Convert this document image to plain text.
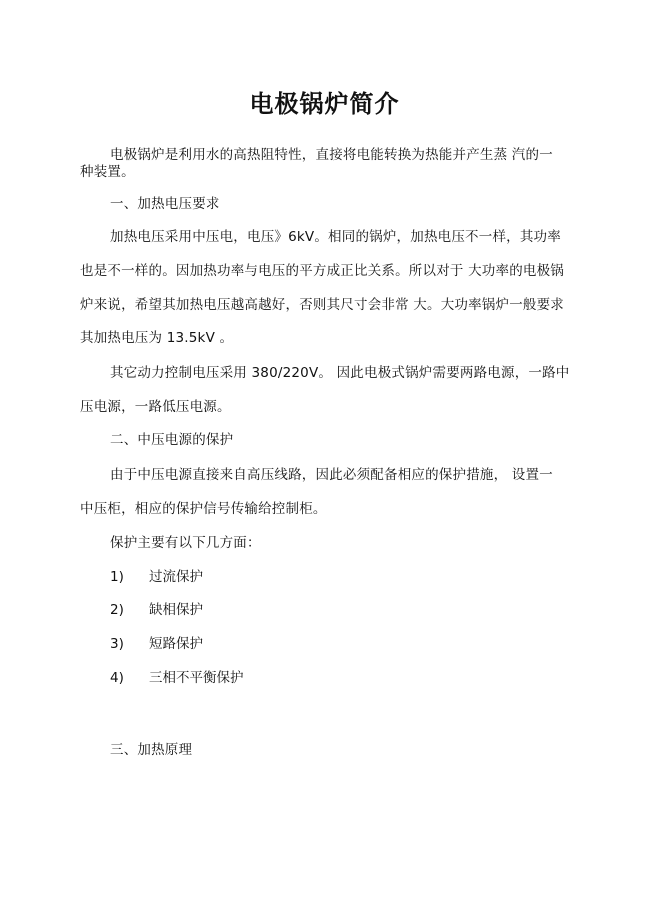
电极锅炉简介
电极锅炉是利用水的高热阻特性，直接将电能转换为热能并产生蒸 汽的一
种装置。
一、加热电压要求
加热电压采用中压电，电压》6kV。相同的锅炉，加热电压不一样，其功率
也是不一样的。因加热功率与电压的平方成正比关系。所以对于 大功率的电极锅
炉来说，希望其加热电压越高越好，否则其尺寸会非常 大。大功率锅炉一般要求
其加热电压为 13.5kV 。
其它动力控制电压采用 380/220V。 因此电极式锅炉需要两路电源，一路中
压电源，一路低压电源。
二、中压电源的保护
由于中压电源直接来自高压线路，因此必须配备相应的保护措施， 设置一
中压柜，相应的保护信号传输给控制柜。
保护主要有以下几方面：
1) 过流保护
2) 缺相保护
3) 短路保护
4) 三相不平衡保护
三、加热原理
